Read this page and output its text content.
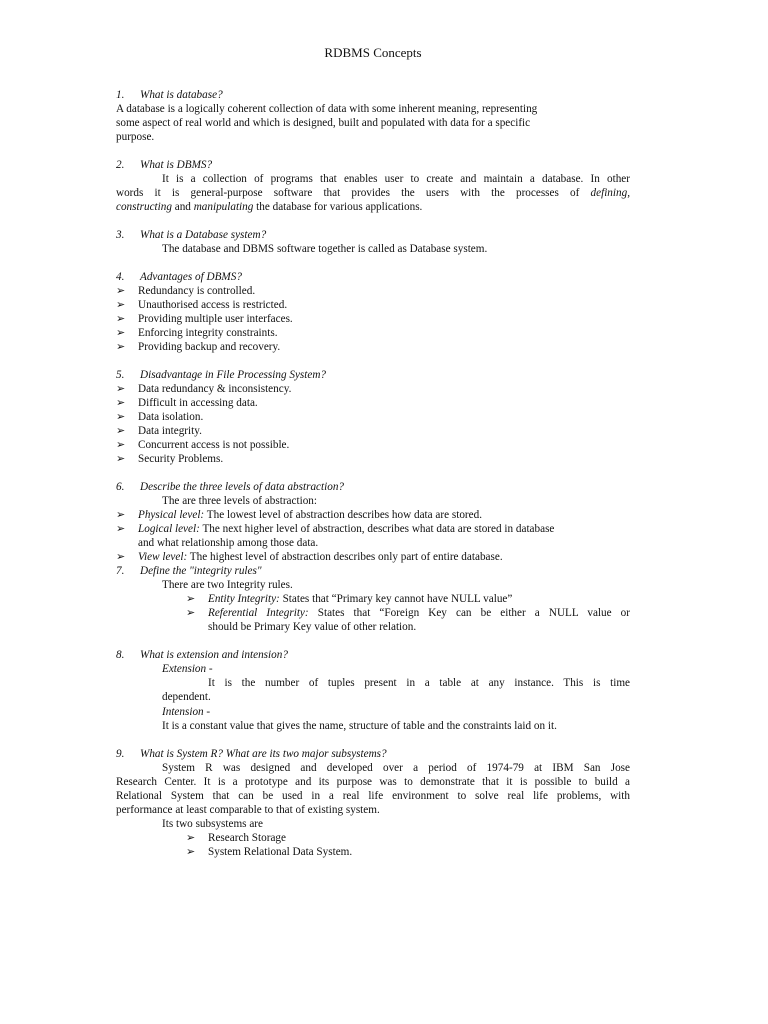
RDBMS Concepts
1. What is database?
A database is a logically coherent collection of data with some inherent meaning, representing
some aspect of real world and which is designed, built and populated with data for a specific
purpose.
2. What is DBMS?
It is a collection of programs that enables user to create and maintain a database. In other
words it is general-purpose software that provides the users with the processes of defining,
constructing and manipulating the database for various applications.
3. What is a Database system?
The database and DBMS software together is called as Database system.
4. Advantages of DBMS?
➢ Redundancy is controlled.
➢ Unauthorised access is restricted.
➢ Providing multiple user interfaces.
➢ Enforcing integrity constraints.
➢ Providing backup and recovery.
5. Disadvantage in File Processing System?
➢ Data redundancy & inconsistency.
➢ Difficult in accessing data.
➢ Data isolation.
➢ Data integrity.
➢ Concurrent access is not possible.
➢ Security Problems.
6. Describe the three levels of data abstraction?
The are three levels of abstraction:
➢ Physical level: The lowest level of abstraction describes how data are stored.
➢ Logical level: The next higher level of abstraction, describes what data are stored in database
and what relationship among those data.
➢ View level: The highest level of abstraction describes only part of entire database.
7. Define the "integrity rules"
There are two Integrity rules.
➢ Entity Integrity: States that “Primary key cannot have NULL value”
➢ Referential Integrity: States that “Foreign Key can be either a NULL value or
should be Primary Key value of other relation.
8. What is extension and intension?
Extension -
It is the number of tuples present in a table at any instance. This is time
dependent.
Intension -
It is a constant value that gives the name, structure of table and the constraints laid on it.
9. What is System R? What are its two major subsystems?
System R was designed and developed over a period of 1974-79 at IBM San Jose
Research Center. It is a prototype and its purpose was to demonstrate that it is possible to build a
Relational System that can be used in a real life environment to solve real life problems, with
performance at least comparable to that of existing system.
Its two subsystems are
➢ Research Storage
➢ System Relational Data System.
